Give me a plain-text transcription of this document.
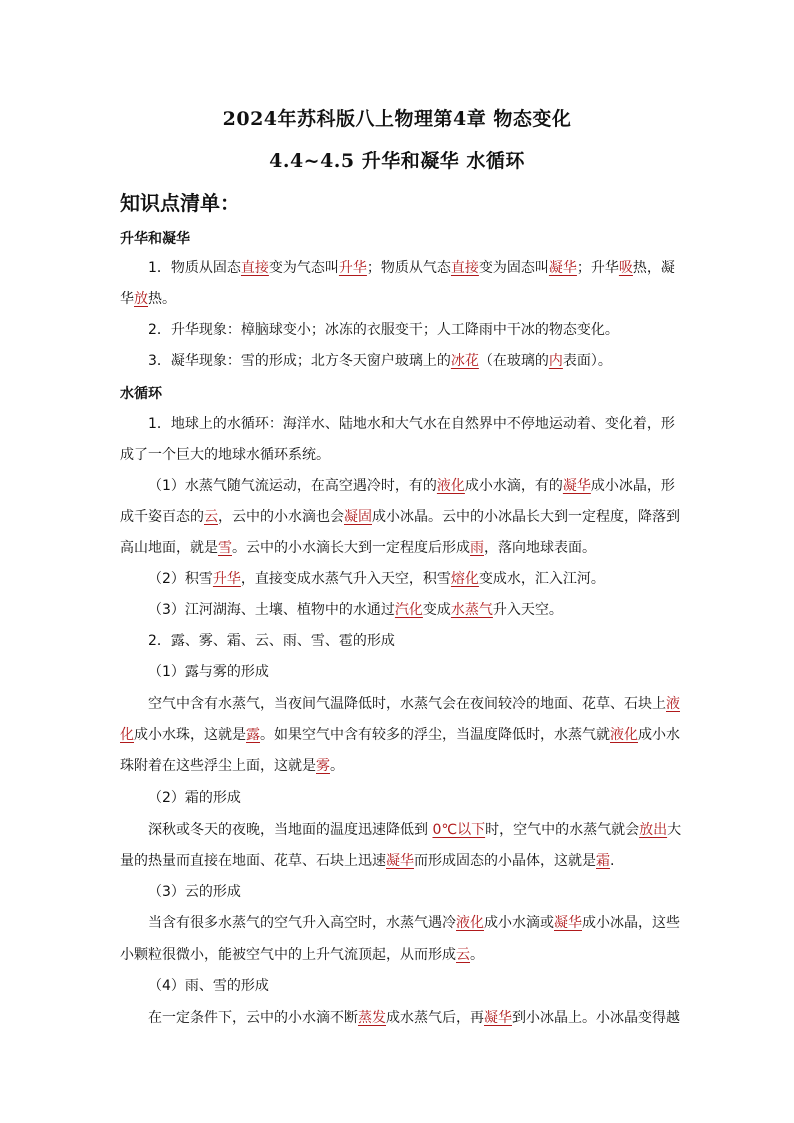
2024年苏科版八上物理第4章 物态变化
4.4~4.5 升华和凝华 水循环
知识点清单：
升华和凝华
1．物质从固态直接变为气态叫升华；物质从气态直接变为固态叫凝华；升华吸热，凝
华放热。
2．升华现象：樟脑球变小；冰冻的衣服变干；人工降雨中干冰的物态变化。
3．凝华现象：雪的形成；北方冬天窗户玻璃上的冰花（在玻璃的内表面）。
水循环
1．地球上的水循环：海洋水、陆地水和大气水在自然界中不停地运动着、变化着，形
成了一个巨大的地球水循环系统。
（1）水蒸气随气流运动，在高空遇冷时，有的液化成小水滴，有的凝华成小冰晶，形
成千姿百态的云，云中的小水滴也会凝固成小冰晶。云中的小冰晶长大到一定程度，降落到
高山地面，就是雪。云中的小水滴长大到一定程度后形成雨，落向地球表面。
（2）积雪升华，直接变成水蒸气升入天空，积雪熔化变成水，汇入江河。
（3）江河湖海、土壤、植物中的水通过汽化变成水蒸气升入天空。
2．露、雾、霜、云、雨、雪、雹的形成
（1）露与雾的形成
空气中含有水蒸气，当夜间气温降低时，水蒸气会在夜间较冷的地面、花草、石块上液
化成小水珠，这就是露。如果空气中含有较多的浮尘，当温度降低时，水蒸气就液化成小水
珠附着在这些浮尘上面，这就是雾。
（2）霜的形成
深秋或冬天的夜晚，当地面的温度迅速降低到 0℃以下时，空气中的水蒸气就会放出大
量的热量而直接在地面、花草、石块上迅速凝华而形成固态的小晶体，这就是霜.
（3）云的形成
当含有很多水蒸气的空气升入高空时，水蒸气遇冷液化成小水滴或凝华成小冰晶，这些
小颗粒很微小，能被空气中的上升气流顶起，从而形成云。
（4）雨、雪的形成
在一定条件下，云中的小水滴不断蒸发成水蒸气后，再凝华到小冰晶上。小冰晶变得越
